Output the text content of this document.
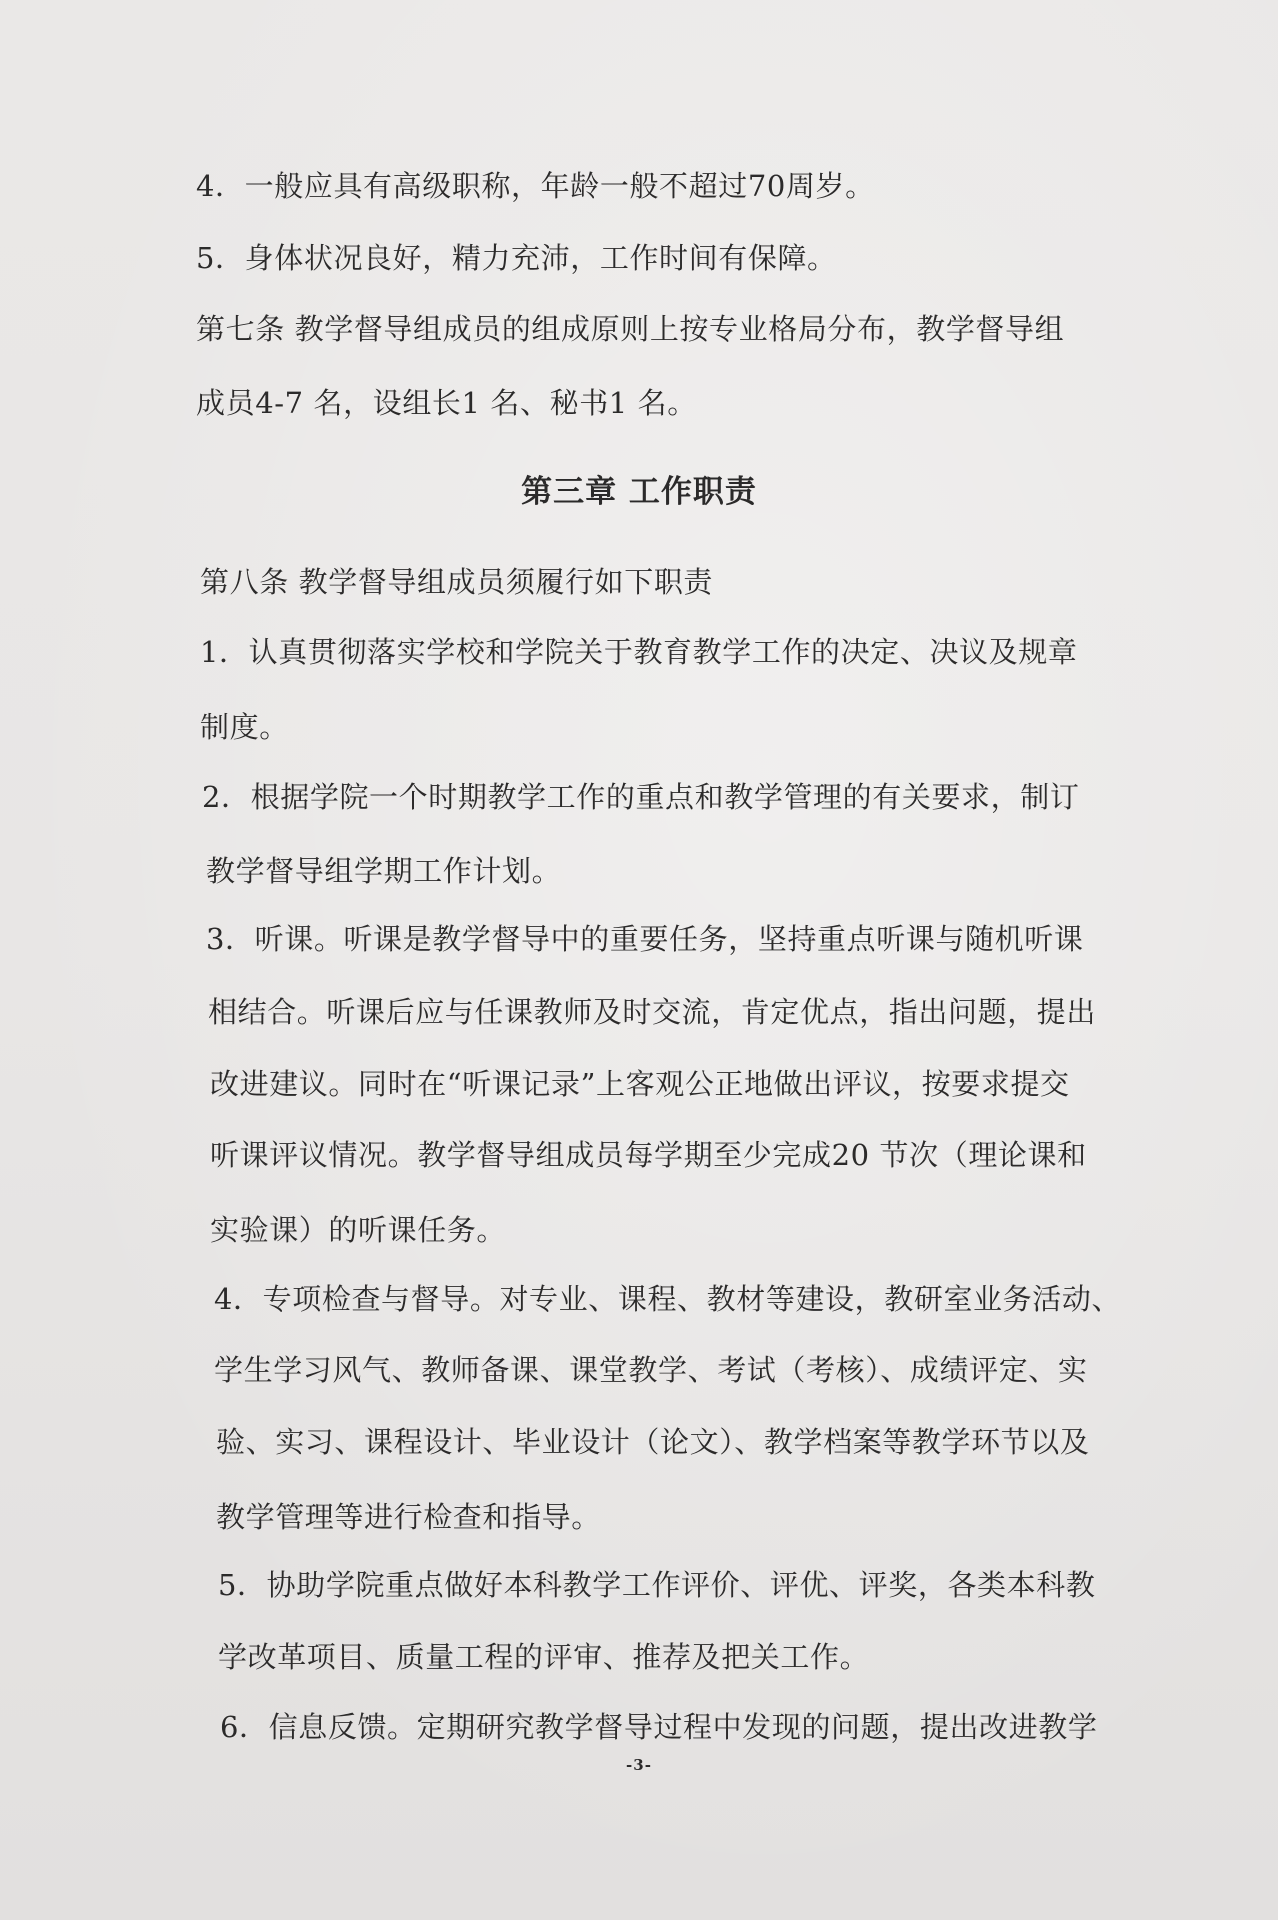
4．一般应具有高级职称，年龄一般不超过70周岁。
5．身体状况良好，精力充沛，工作时间有保障。
第七条 教学督导组成员的组成原则上按专业格局分布，教学督导组
成员4-7 名，设组长1 名、秘书1 名。
第三章 工作职责
第八条 教学督导组成员须履行如下职责
1．认真贯彻落实学校和学院关于教育教学工作的决定、决议及规章
制度。
2．根据学院一个时期教学工作的重点和教学管理的有关要求，制订
教学督导组学期工作计划。
3．听课。听课是教学督导中的重要任务，坚持重点听课与随机听课
相结合。听课后应与任课教师及时交流，肯定优点，指出问题，提出
改进建议。同时在“听课记录”上客观公正地做出评议，按要求提交
听课评议情况。教学督导组成员每学期至少完成20 节次（理论课和
实验课）的听课任务。
4．专项检查与督导。对专业、课程、教材等建设，教研室业务活动、
学生学习风气、教师备课、课堂教学、考试（考核）、成绩评定、实
验、实习、课程设计、毕业设计（论文）、教学档案等教学环节以及
教学管理等进行检查和指导。
5．协助学院重点做好本科教学工作评价、评优、评奖，各类本科教
学改革项目、质量工程的评审、推荐及把关工作。
6．信息反馈。定期研究教学督导过程中发现的问题，提出改进教学
-3-
